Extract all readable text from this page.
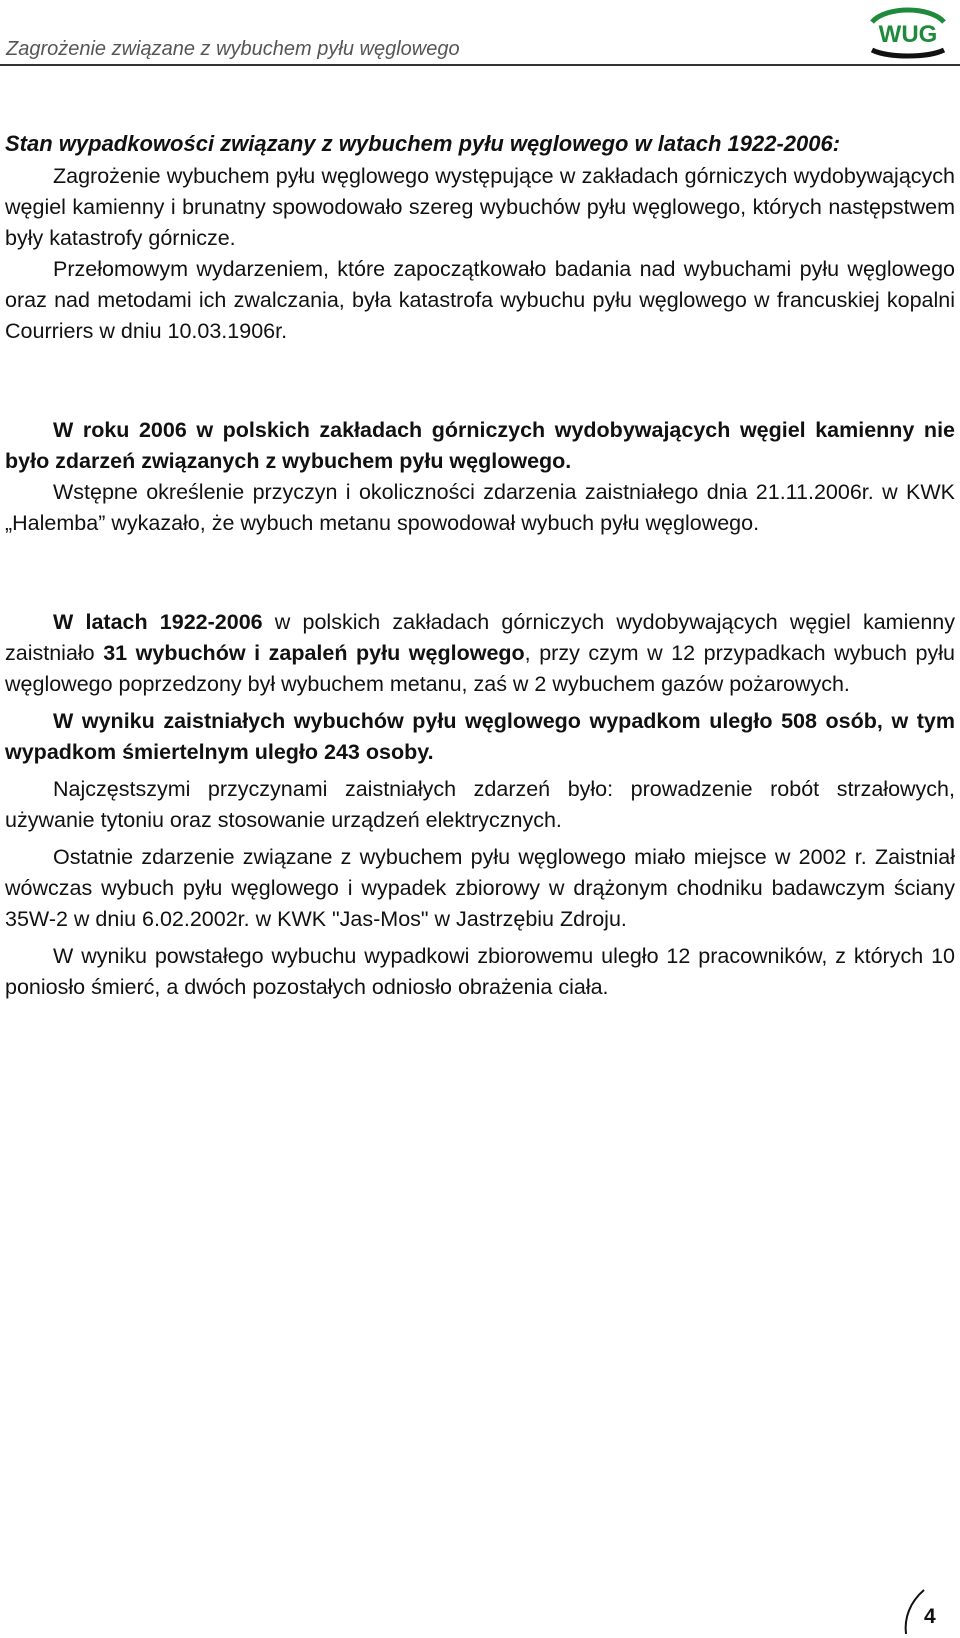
Zagrożenie związane z wybuchem pyłu węglowego
WUG

Stan wypadkowości związany z wybuchem pyłu węglowego w latach 1922-2006:

Zagrożenie wybuchem pyłu węglowego występujące w zakładach górniczych wydobywających węgiel kamienny i brunatny spowodowało szereg wybuchów pyłu węglowego, których następstwem były katastrofy górnicze.

Przełomowym wydarzeniem, które zapoczątkowało badania nad wybuchami pyłu węglowego oraz nad metodami ich zwalczania, była katastrofa wybuchu pyłu węglowego w francuskiej kopalni Courriers w dniu 10.03.1906r.

W roku 2006 w polskich zakładach górniczych wydobywających węgiel kamienny nie było zdarzeń związanych z wybuchem pyłu węglowego.

Wstępne określenie przyczyn i okoliczności zdarzenia zaistniałego dnia 21.11.2006r. w KWK „Halemba” wykazało, że wybuch metanu spowodował wybuch pyłu węglowego.

W latach 1922-2006 w polskich zakładach górniczych wydobywających węgiel kamienny zaistniało 31 wybuchów i zapaleń pyłu węglowego, przy czym w 12 przypadkach wybuch pyłu węglowego poprzedzony był wybuchem metanu, zaś w 2 wybuchem gazów pożarowych.

W wyniku zaistniałych wybuchów pyłu węglowego wypadkom uległo 508 osób, w tym wypadkom śmiertelnym uległo 243 osoby.

Najczęstszymi przyczynami zaistniałych zdarzeń było: prowadzenie robót strzałowych, używanie tytoniu oraz stosowanie urządzeń elektrycznych.

Ostatnie zdarzenie związane z wybuchem pyłu węglowego miało miejsce w 2002 r. Zaistniał wówczas wybuch pyłu węglowego i wypadek zbiorowy w drążonym chodniku badawczym ściany 35W-2 w dniu 6.02.2002r. w KWK "Jas-Mos" w Jastrzębiu Zdroju.

W wyniku powstałego wybuchu wypadkowi zbiorowemu uległo 12 pracowników, z których 10 poniosło śmierć, a dwóch pozostałych odniosło obrażenia ciała.

4
